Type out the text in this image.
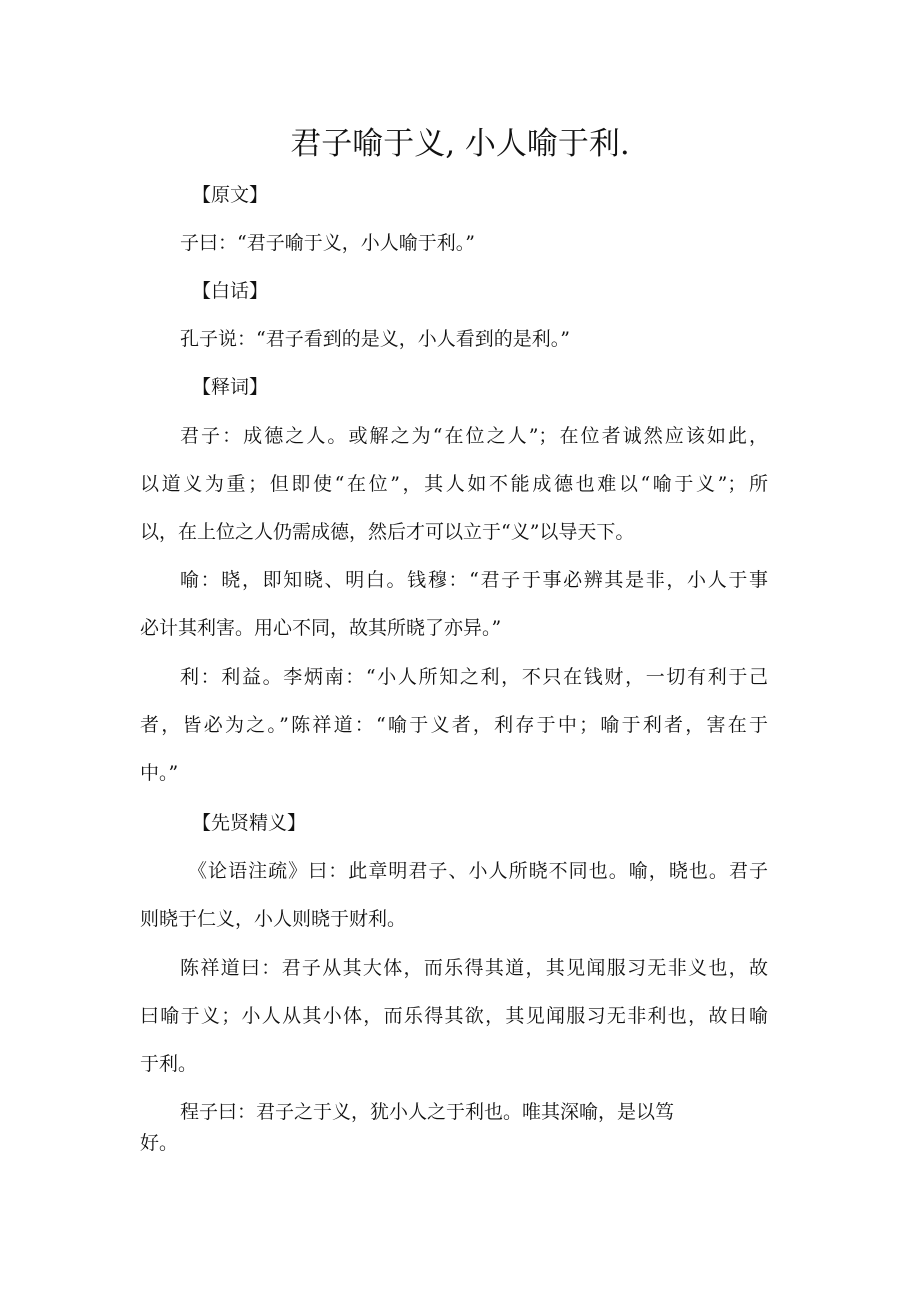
君子喻于义, 小人喻于利.
【原文】
子曰：“君子喻于义，小人喻于利。”
【白话】
孔子说：“君子看到的是义，小人看到的是利。”
【释词】
君子：成德之人。或解之为“在位之人”；在位者诚然应该如此，
以道义为重；但即使“在位”，其人如不能成德也难以“喻于义”；所
以，在上位之人仍需成德，然后才可以立于“义”以导天下。
喻：晓，即知晓、明白。钱穆：“君子于事必辨其是非，小人于事
必计其利害。用心不同，故其所晓了亦异。”
利：利益。李炳南：“小人所知之利，不只在钱财，一切有利于己
者，皆必为之。”陈祥道：“喻于义者，利存于中；喻于利者，害在于
中。”
【先贤精义】
《论语注疏》曰：此章明君子、小人所晓不同也。喻，晓也。君子
则晓于仁义，小人则晓于财利。
陈祥道曰：君子从其大体，而乐得其道，其见闻服习无非义也，故
曰喻于义；小人从其小体，而乐得其欲，其见闻服习无非利也，故日喻
于利。
程子曰：君子之于义，犹小人之于利也。唯其深喻，是以笃
好。
